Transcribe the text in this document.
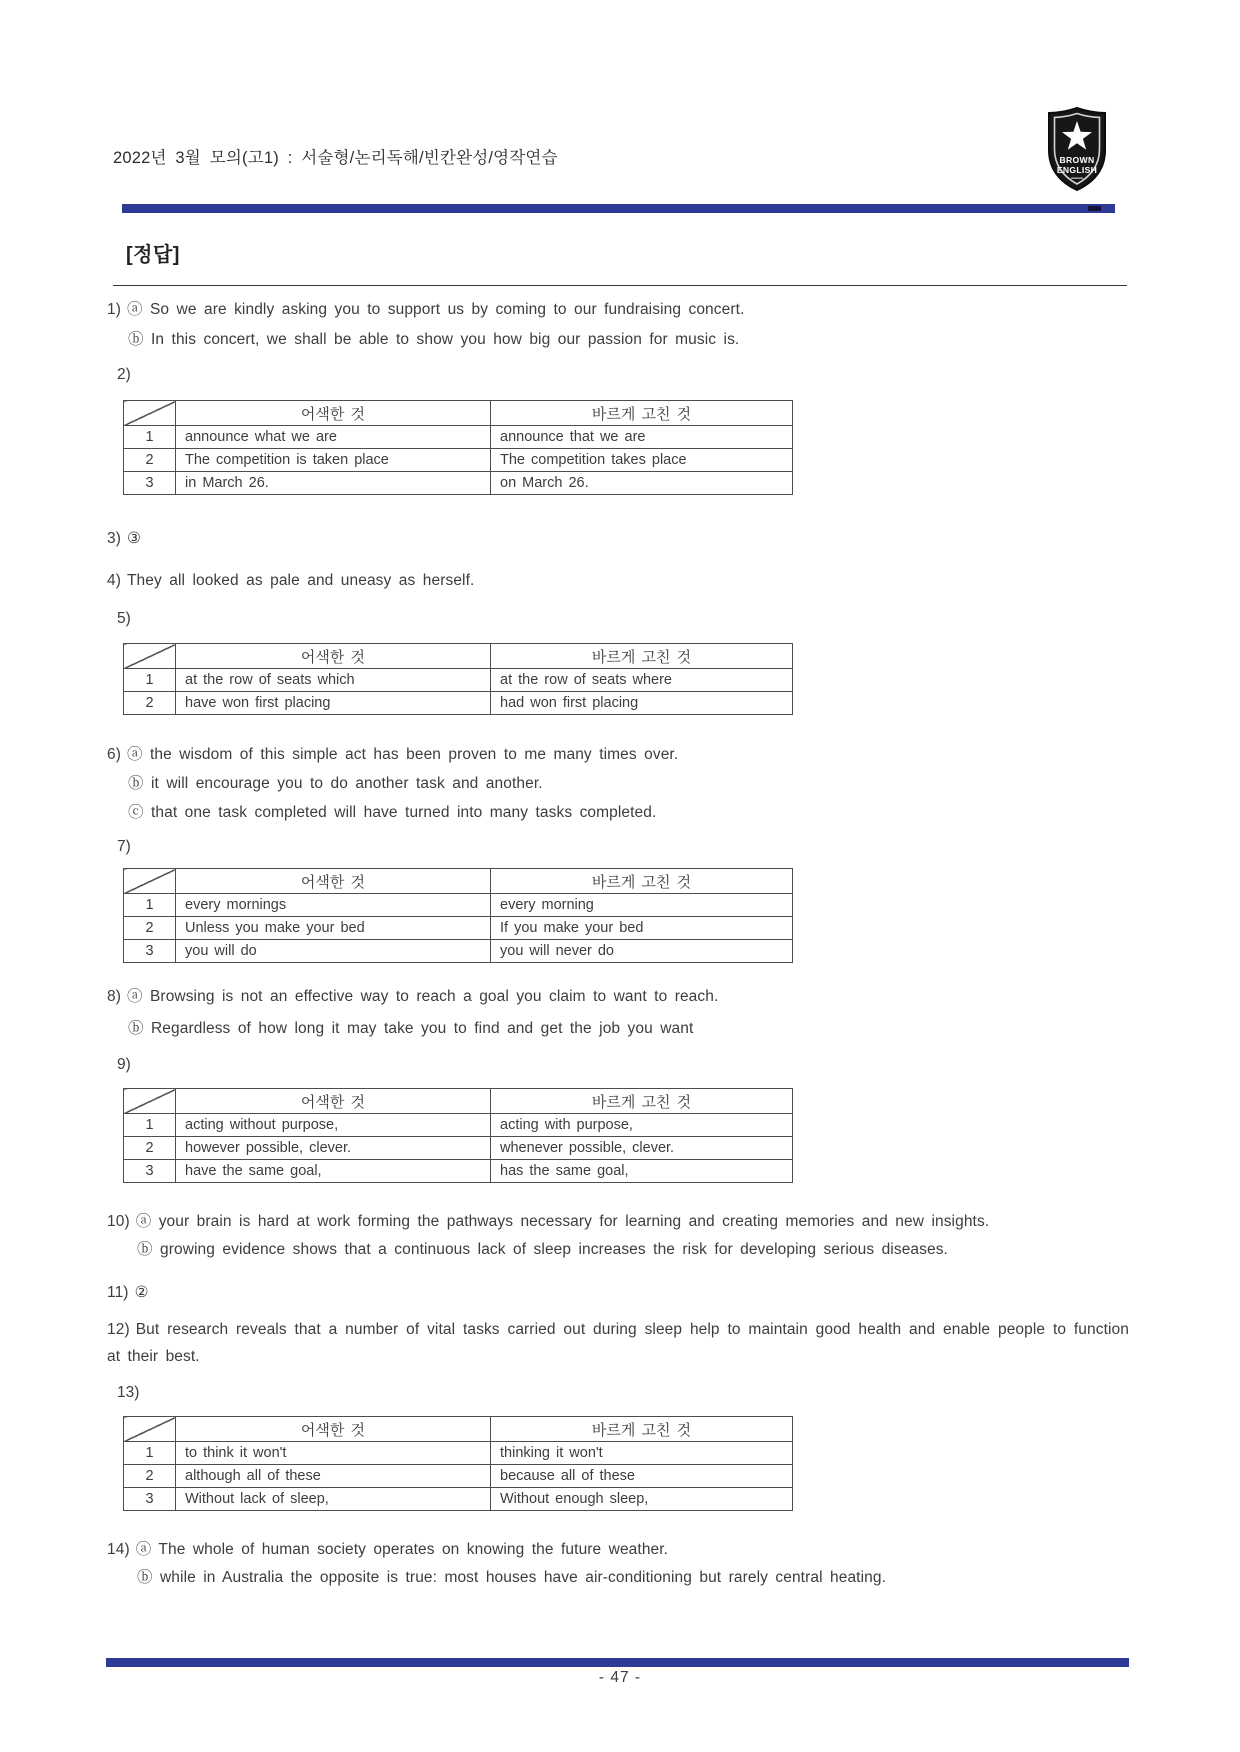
2022년 3월 모의(고1) : 서술형/논리독해/빈칸완성/영작연습	BROWN
ENGLISH
[정답]
1) ⓐ So we are kindly asking you to support us by coming to our fundraising concert.
ⓑ In this concert, we shall be able to show you how big our passion for music is.
2)
	어색한 것	바르게 고친 것
1	announce what we are	announce that we are
2	The competition is taken place	The competition takes place
3	in March 26.	on March 26.
3) ③
4) They all looked as pale and uneasy as herself.
5)
	어색한 것	바르게 고친 것
1	at the row of seats which	at the row of seats where
2	have won first placing	had won first placing
6) ⓐ the wisdom of this simple act has been proven to me many times over.
ⓑ it will encourage you to do another task and another.
ⓒ that one task completed will have turned into many tasks completed.
7)
	어색한 것	바르게 고친 것
1	every mornings	every morning
2	Unless you make your bed	If you make your bed
3	you will do	you will never do
8) ⓐ Browsing is not an effective way to reach a goal you claim to want to reach.
ⓑ Regardless of how long it may take you to find and get the job you want
9)
	어색한 것	바르게 고친 것
1	acting without purpose,	acting with purpose,
2	however possible, clever.	whenever possible, clever.
3	have the same goal,	has the same goal,
10) ⓐ your brain is hard at work forming the pathways necessary for learning and creating memories and new insights.
ⓑ growing evidence shows that a continuous lack of sleep increases the risk for developing serious diseases.
11) ②
12) But research reveals that a number of vital tasks carried out during sleep help to maintain good health and enable people to function at their best.
13)
	어색한 것	바르게 고친 것
1	to think it won't	thinking it won't
2	although all of these	because all of these
3	Without lack of sleep,	Without enough sleep,
14) ⓐ The whole of human society operates on knowing the future weather.
ⓑ while in Australia the opposite is true: most houses have air-conditioning but rarely central heating.
- 47 -
